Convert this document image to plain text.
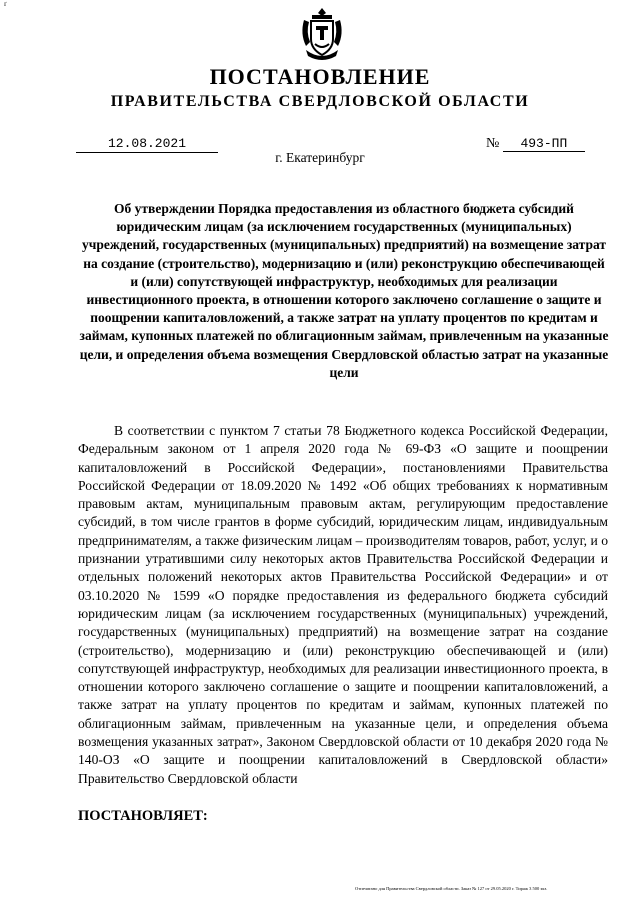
ґ
ПОСТАНОВЛЕНИЕ
ПРАВИТЕЛЬСТВА СВЕРДЛОВСКОЙ ОБЛАСТИ
12.08.2021	№ 493-ПП
г. Екатеринбург
Об утверждении Порядка предоставления из областного бюджета субсидий юридическим лицам (за исключением государственных (муниципальных) учреждений, государственных (муниципальных) предприятий) на возмещение затрат на создание (строительство), модернизацию и (или) реконструкцию обеспечивающей и (или) сопутствующей инфраструктур, необходимых для реализации инвестиционного проекта, в отношении которого заключено соглашение о защите и поощрении капиталовложений, а также затрат на уплату процентов по кредитам и займам, купонных платежей по облигационным займам, привлеченным на указанные цели, и определения объема возмещения Свердловской областью затрат на указанные цели

В соответствии с пунктом 7 статьи 78 Бюджетного кодекса Российской Федерации, Федеральным законом от 1 апреля 2020 года № 69-ФЗ «О защите и поощрении капиталовложений в Российской Федерации», постановлениями Правительства Российской Федерации от 18.09.2020 № 1492 «Об общих требованиях к нормативным правовым актам, муниципальным правовым актам, регулирующим предоставление субсидий, в том числе грантов в форме субсидий, юридическим лицам, индивидуальным предпринимателям, а также физическим лицам – производителям товаров, работ, услуг, и о признании утратившими силу некоторых актов Правительства Российской Федерации и отдельных положений некоторых актов Правительства Российской Федерации» и от 03.10.2020 № 1599 «О порядке предоставления из федерального бюджета субсидий юридическим лицам (за исключением государственных (муниципальных) учреждений, государственных (муниципальных) предприятий) на возмещение затрат на создание (строительство), модернизацию и (или) реконструкцию обеспечивающей и (или) сопутствующей инфраструктур, необходимых для реализации инвестиционного проекта, в отношении которого заключено соглашение о защите и поощрении капиталовложений, а также затрат на уплату процентов по кредитам и займам, купонных платежей по облигационным займам, привлеченным на указанные цели, и определения объема возмещения указанных затрат», Законом Свердловской области от 10 декабря 2020 года № 140-ОЗ «О защите и поощрении капиталовложений в Свердловской области» Правительство Свердловской области

ПОСТАНОВЛЯЕТ:
Отпечатано для Правительства Свердловской области. Заказ № 127 от 29.05.2020 г. Тираж 3 500 экз.
